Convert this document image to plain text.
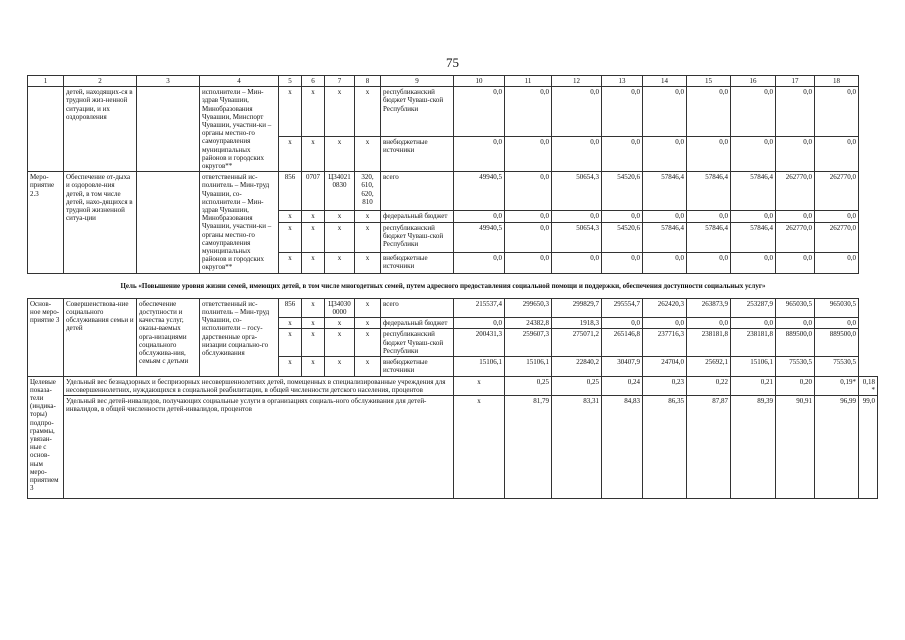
75
1	2	3	4	5	6	7	8	9	10	11	12	13	14	15	16	17	18	
	детей, находящих-ся в трудной жиз-ненной ситуации, и их оздоровления		исполнители – Мин-здрав Чувашии, Минобразования Чувашии, Минспорт Чувашии, участни-ки – органы местно-го самоуправления муниципальных районов и городских округов**	x	x	x	x	республиканский бюджет Чуваш-ской Республики	0,0	0,0	0,0	0,0	0,0	0,0	0,0	0,0	0,0	
				x	x	x	x	внебюджетные источники	0,0	0,0	0,0	0,0	0,0	0,0	0,0	0,0	0,0	
Меро-приятие 2.3	Обеспечение от-дыха и оздоровле-ния детей, в том числе детей, нахо-дящихся в трудной жизненной ситуа-ции		ответственный ис-полнитель – Мин-труд Чувашии, со-исполнители – Мин-здрав Чувашии, Минобразования Чувашии, участни-ки – органы местно-го самоуправления муниципальных районов и городских округов**	856	0707	Ц34021 0830	320, 610, 620, 810	всего	49940,5	0,0	50654,3	54520,6	57846,4	57846,4	57846,4	262770,0	262770,0	
				x	x	x	x	федеральный бюджет	0,0	0,0	0,0	0,0	0,0	0,0	0,0	0,0	0,0	
				x	x	x	x	республиканский бюджет Чуваш-ской Республики	49940,5	0,0	50654,3	54520,6	57846,4	57846,4	57846,4	262770,0	262770,0	
				x	x	x	x	внебюджетные источники	0,0	0,0	0,0	0,0	0,0	0,0	0,0	0,0	0,0	
Цель «Повышение уровня жизни семей, имеющих детей, в том числе многодетных семей, путем адресного предоставления социальной помощи и поддержки, обеспечения доступности социальных услуг»																		
Основ-ное меро-приятие 3	Совершенствова-ние социального обслуживания семьи и детей	обеспечение доступности и качества услуг, оказы-ваемых орга-низациями социального обслужива-ния, семьям с детьми	ответственный ис-полнитель – Мин-труд Чувашии, со-исполнители – госу-дарственные орга-низации социально-го обслуживания	856	x	Ц34030 0000	x	всего	215537,4	299650,3	299829,7	295554,7	262420,3	263873,9	253287,9	965030,5	965030,5	
				x	x	x	x	федеральный бюджет	0,0	24382,8	1918,3	0,0	0,0	0,0	0,0	0,0	0,0	
				x	x	x	x	республиканский бюджет Чуваш-ской Республики	200431,3	259607,3	275071,2	265146,8	237716,3	238181,8	238181,8	889500,0	889500,0	
				x	x	x	x	внебюджетные источники	15106,1	15106,1	22840,2	30407,9	24704,0	25692,1	15106,1	75530,5	75530,5	
Целевые показа-тели (индика-торы) подпро-граммы, увязан-ные с основ-ным меро-приятием 3	Удельный вес безнадзорных и беспризорных несовершеннолетних детей, помещенных в специализированные учреждения для несовершеннолетних, нуждающихся в социальной реабилитации, в общей численности детского населения, процентов								x	0,25	0,25	0,24	0,23	0,22	0,21	0,20	0,19*	0,18*
	Удельный вес детей-инвалидов, получающих социальные услуги в организациях социаль-ного обслуживания для детей-инвалидов, в общей численности детей-инвалидов, процентов								x	81,79	83,31	84,83	86,35	87,87	89,39	90,91	96,99	99,0
